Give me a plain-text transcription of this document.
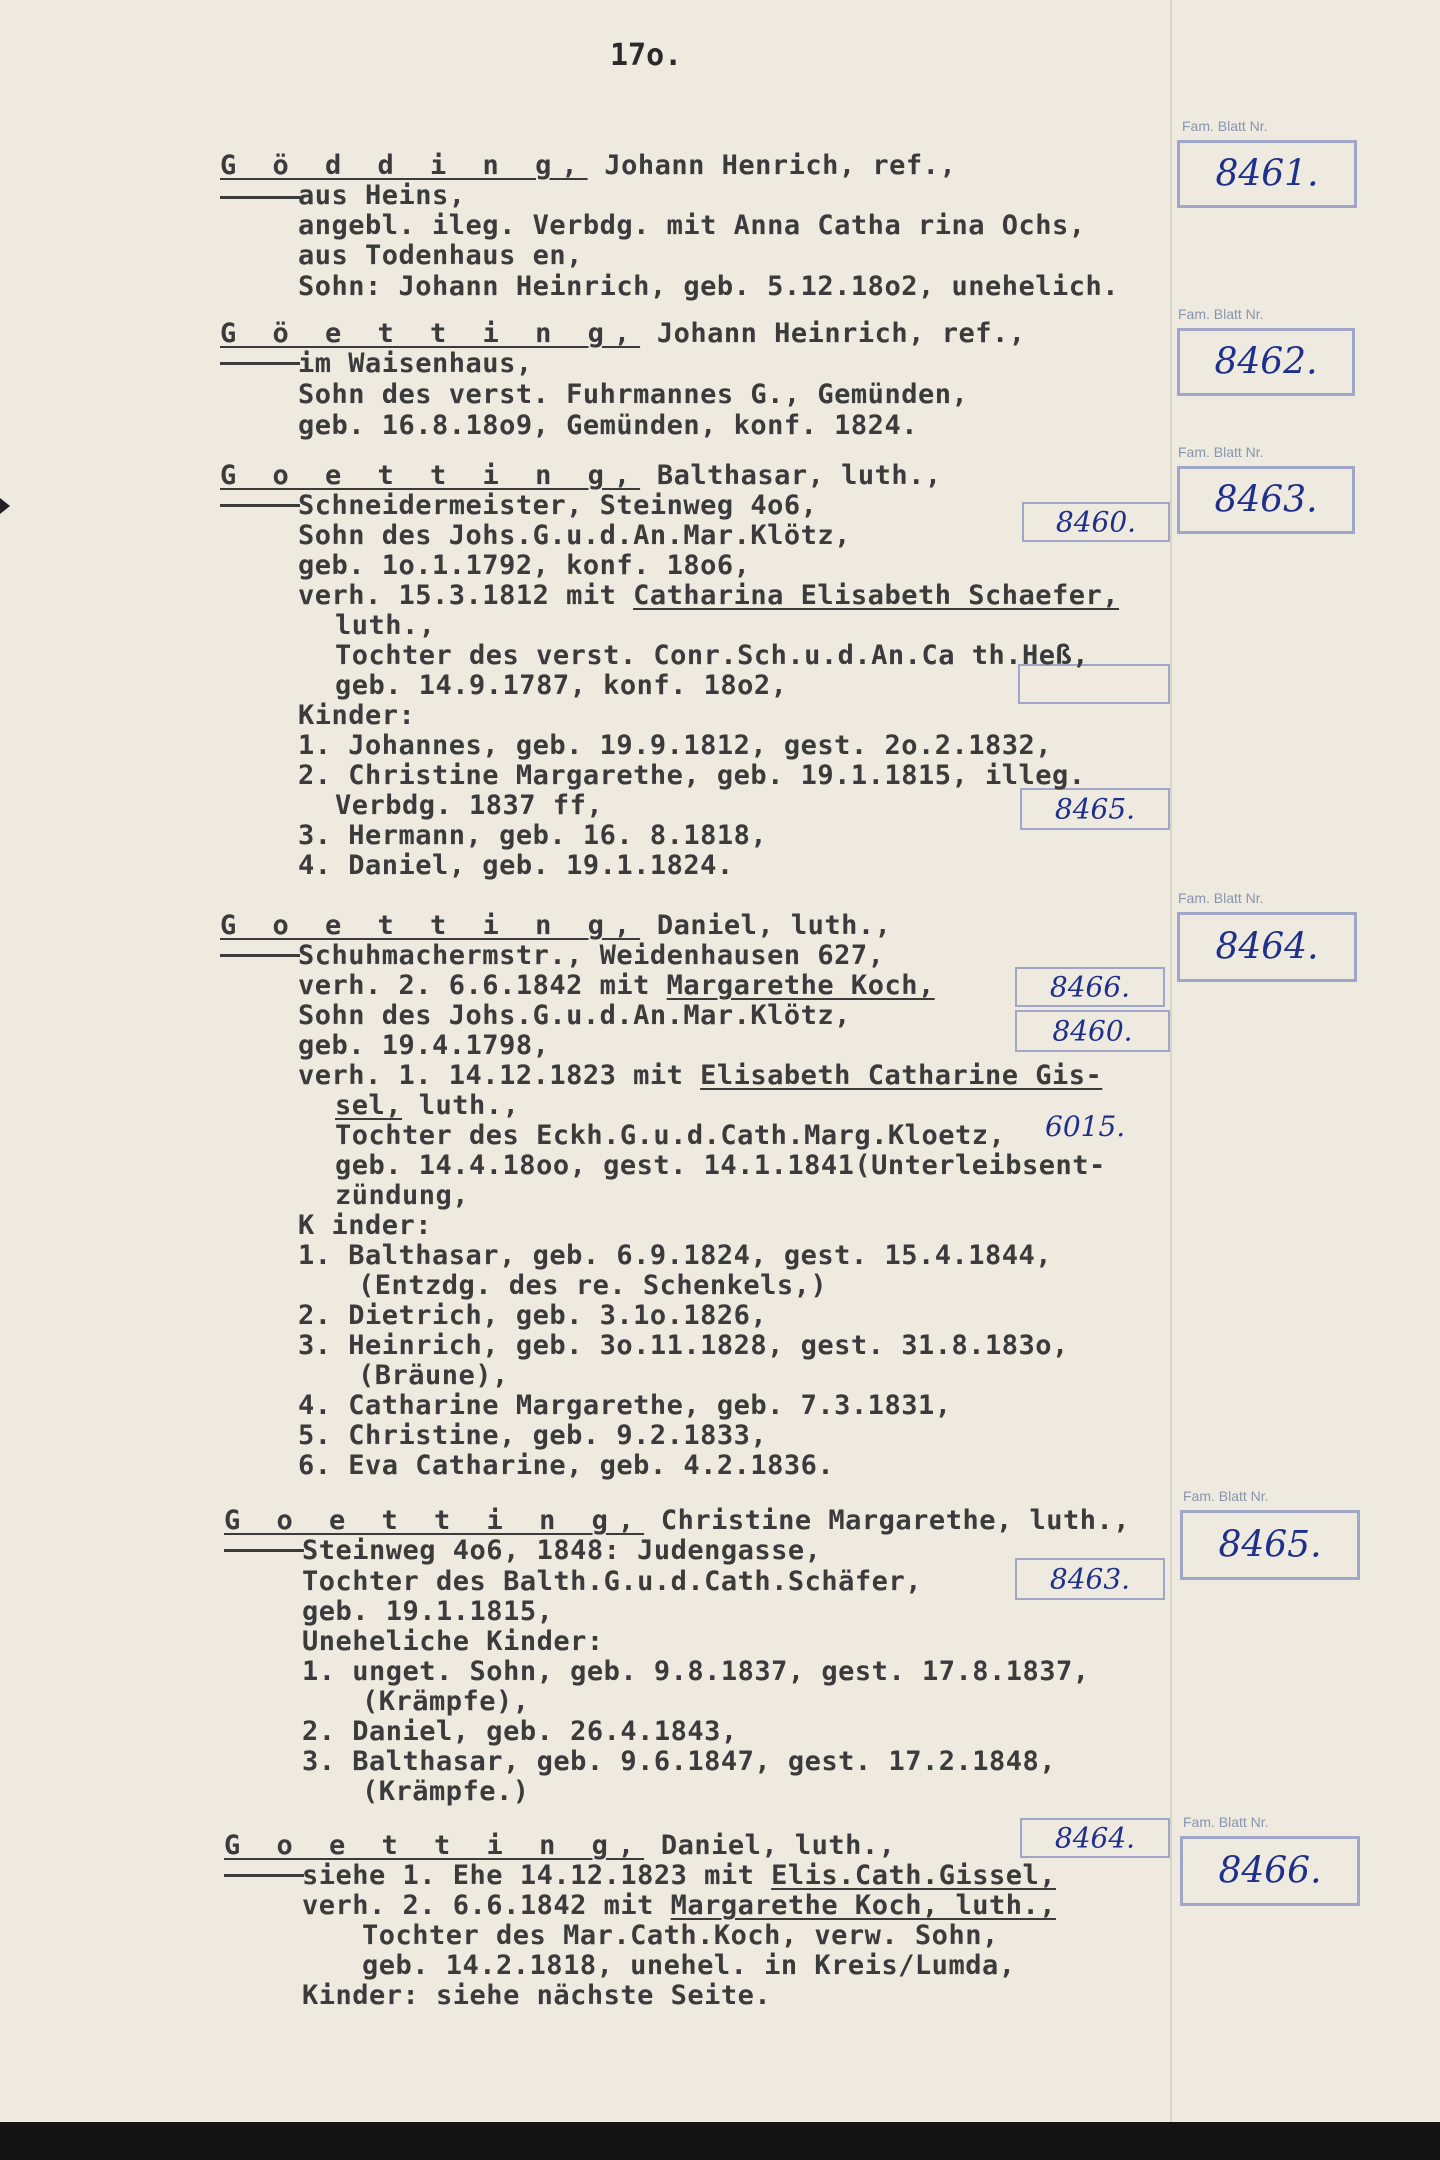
17o.
Fam. Blatt Nr.
8461.
Fam. Blatt Nr.
8462.
Fam. Blatt Nr.
8463.
Fam. Blatt Nr.
8464.
Fam. Blatt Nr.
8465.
Fam. Blatt Nr.
8466.
8460.
8465.
8466.
8460.
8463.
8464.
6015.
G ö d d i n g, Johann Henrich, ref.,
aus Heins,
angebl. ileg. Verbdg. mit Anna Catha rina Ochs,
aus Todenhaus en,
Sohn: Johann Heinrich, geb. 5.12.18o2, unehelich.
G ö e t t i n g, Johann Heinrich, ref.,
im Waisenhaus,
Sohn des verst. Fuhrmannes G., Gemünden,
geb. 16.8.18o9, Gemünden, konf. 1824.
G o e t t i n g, Balthasar, luth.,
Schneidermeister, Steinweg 4o6,
Sohn des Johs.G.u.d.An.Mar.Klötz,
geb. 1o.1.1792, konf. 18o6,
verh. 15.3.1812 mit Catharina Elisabeth Schaefer,
luth.,
Tochter des verst. Conr.Sch.u.d.An.Ca th.Heß,
geb. 14.9.1787, konf. 18o2,
Kinder:
1. Johannes, geb. 19.9.1812, gest. 2o.2.1832,
2. Christine Margarethe, geb. 19.1.1815, illeg.
Verbdg. 1837 ff,
3. Hermann, geb. 16. 8.1818,
4. Daniel, geb. 19.1.1824.
G o e t t i n g, Daniel, luth.,
Schuhmachermstr., Weidenhausen 627,
verh. 2. 6.6.1842 mit Margarethe Koch,
Sohn des Johs.G.u.d.An.Mar.Klötz,
geb. 19.4.1798,
verh. 1. 14.12.1823 mit Elisabeth Catharine Gis-
sel, luth.,
Tochter des Eckh.G.u.d.Cath.Marg.Kloetz,
geb. 14.4.18oo, gest. 14.1.1841(Unterleibsent-
zündung,
K inder:
1. Balthasar, geb. 6.9.1824, gest. 15.4.1844,
(Entzdg. des re. Schenkels,)
2. Dietrich, geb. 3.1o.1826,
3. Heinrich, geb. 3o.11.1828, gest. 31.8.183o,
(Bräune),
4. Catharine Margarethe, geb. 7.3.1831,
5. Christine, geb. 9.2.1833,
6. Eva Catharine, geb. 4.2.1836.
G o e t t i n g, Christine Margarethe, luth.,
Steinweg 4o6, 1848: Judengasse,
Tochter des Balth.G.u.d.Cath.Schäfer,
geb. 19.1.1815,
Uneheliche Kinder:
1. unget. Sohn, geb. 9.8.1837, gest. 17.8.1837,
(Krämpfe),
2. Daniel, geb. 26.4.1843,
3. Balthasar, geb. 9.6.1847, gest. 17.2.1848,
(Krämpfe.)
G o e t t i n g, Daniel, luth.,
siehe 1. Ehe 14.12.1823 mit Elis.Cath.Gissel,
verh. 2. 6.6.1842 mit Margarethe Koch, luth.,
Tochter des Mar.Cath.Koch, verw. Sohn,
geb. 14.2.1818, unehel. in Kreis/Lumda,
Kinder: siehe nächste Seite.
